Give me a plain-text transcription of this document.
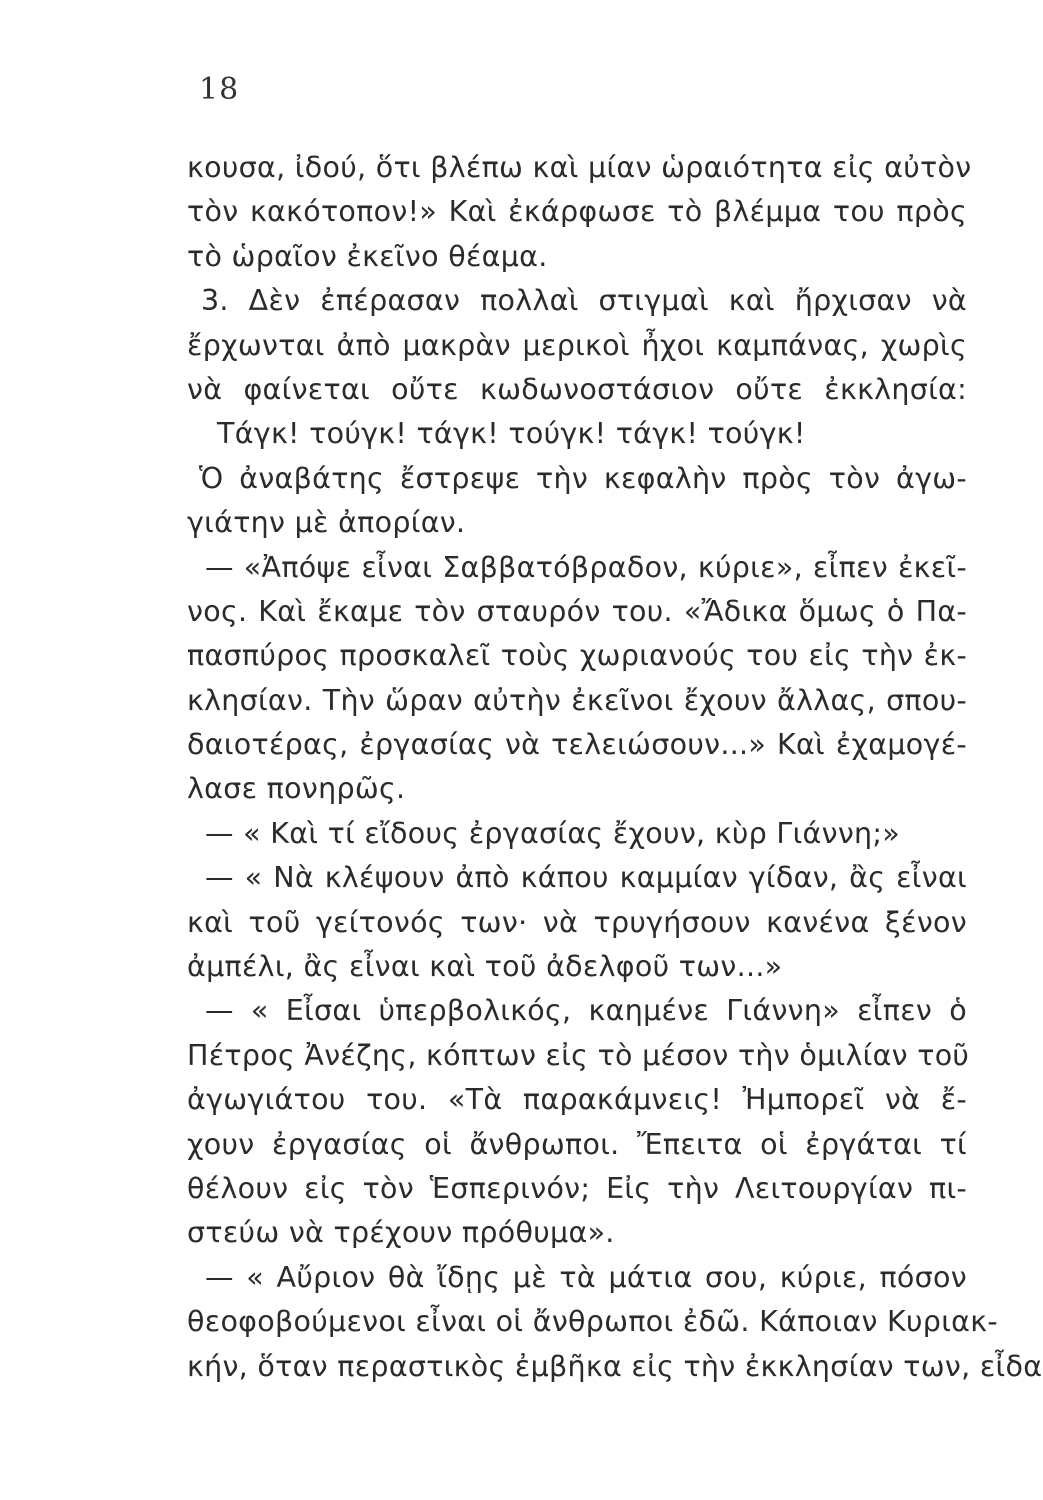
18
κουσα, ἰδού, ὅτι βλέπω καὶ μίαν ὡραιότητα εἰς αὐτὸν
τὸν κακότοπον!» Καὶ ἐκάρφωσε τὸ βλέμμα του πρὸς
τὸ ὡραῖον ἐκεῖνο θέαμα.
3. Δὲν ἐπέρασαν πολλαὶ στιγμαὶ καὶ ἤρχισαν νὰ
ἔρχωνται ἀπὸ μακρὰν μερικοὶ ἦχοι καμπάνας, χωρὶς
νὰ φαίνεται οὔτε κωδωνοστάσιον οὔτε ἐκκλησία:
Τάγκ! τούγκ! τάγκ! τούγκ! τάγκ! τούγκ!
Ὁ ἀναβάτης ἔστρεψε τὴν κεφαλὴν πρὸς τὸν ἀγω-
γιάτην μὲ ἀπορίαν.
— «Ἀπόψε εἶναι Σαββατόβραδον, κύριε», εἶπεν ἐκεῖ-
νος. Καὶ ἔκαμε τὸν σταυρόν του. «Ἄδικα ὅμως ὁ Πα-
πασπύρος προσκαλεῖ τοὺς χωριανούς του εἰς τὴν ἐκ-
κλησίαν. Τὴν ὥραν αὐτὴν ἐκεῖνοι ἔχουν ἄλλας, σπου-
δαιοτέρας, ἐργασίας νὰ τελειώσουν...» Καὶ ἐχαμογέ-
λασε πονηρῶς.
— « Καὶ τί εἴδους ἐργασίας ἔχουν, κὺρ Γιάννη;»
— « Νὰ κλέψουν ἀπὸ κάπου καμμίαν γίδαν, ἂς εἶναι
καὶ τοῦ γείτονός των· νὰ τρυγήσουν κανένα ξένον
ἀμπέλι, ἂς εἶναι καὶ τοῦ ἀδελφοῦ των...»
— « Εἶσαι ὑπερβολικός, καημένε Γιάννη» εἶπεν ὁ
Πέτρος Ἀνέζης, κόπτων εἰς τὸ μέσον τὴν ὁμιλίαν τοῦ
ἀγωγιάτου του. «Τὰ παρακάμνεις! Ἠμπορεῖ νὰ ἔ-
χουν ἐργασίας οἱ ἄνθρωποι. Ἔπειτα οἱ ἐργάται τί
θέλουν εἰς τὸν Ἑσπερινόν; Εἰς τὴν Λειτουργίαν πι-
στεύω νὰ τρέχουν πρόθυμα».
— « Αὔριον θὰ ἴδῃς μὲ τὰ μάτια σου, κύριε, πόσον
θεοφοβούμενοι εἶναι οἱ ἄνθρωποι ἐδῶ. Κάποιαν Κυριακ-
κήν, ὅταν περαστικὸς ἐμβῆκα εἰς τὴν ἐκκλησίαν των, εἶδα
